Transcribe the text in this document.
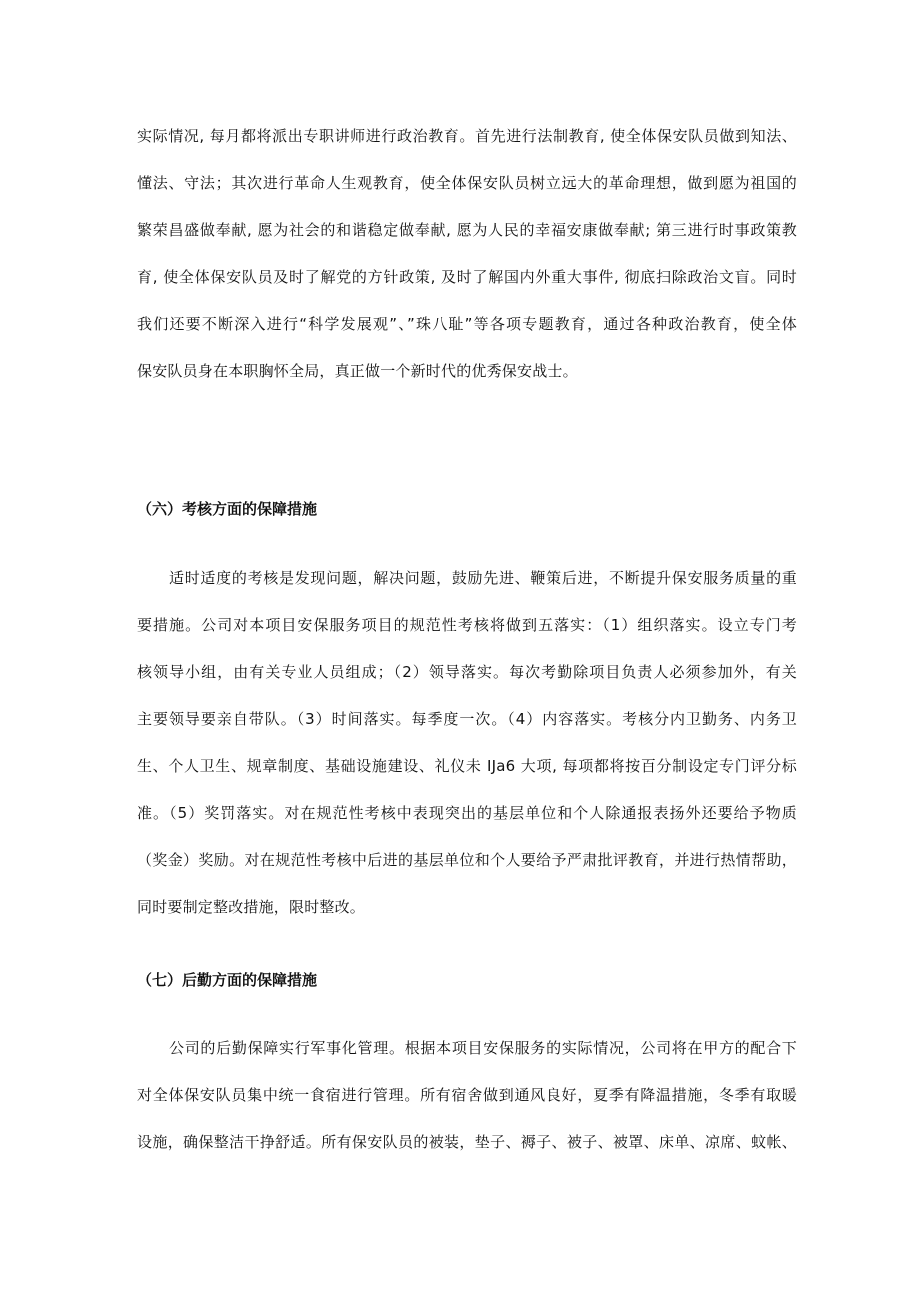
实际情况, 每月都将派出专职讲师进行政治教育。首先进行法制教育, 使全体保安队员做到知法、
懂法、守法；其次进行革命人生观教育，使全体保安队员树立远大的革命理想，做到愿为祖国的
繁荣昌盛做奉献, 愿为社会的和谐稳定做奉献, 愿为人民的幸福安康做奉献; 第三进行时事政策教
育, 使全体保安队员及时了解党的方针政策, 及时了解国内外重大事件, 彻底扫除政治文盲。同时
我们还要不断深入进行“科学发展观”、”珠八耻”等各项专题教育，通过各种政治教育，使全体
保安队员身在本职胸怀全局，真正做一个新时代的优秀保安战士。
（六）考核方面的保障措施
适时适度的考核是发现问题，解决问题，鼓励先进、鞭策后进，不断提升保安服务质量的重
要措施。公司对本项目安保服务项目的规范性考核将做到五落实：（1）组织落实。设立专门考
核领导小组，由有关专业人员组成；（2）领导落实。每次考勤除项目负责人必须参加外，有关
主要领导要亲自带队。（3）时间落实。每季度一次。（4）内容落实。考核分内卫勤务、内务卫
生、个人卫生、规章制度、基础设施建设、礼仪未 IJa6 大项, 每项都将按百分制设定专门评分标
准。（5）奖罚落实。对在规范性考核中表现突出的基层单位和个人除通报表扬外还要给予物质
（奖金）奖励。对在规范性考核中后进的基层单位和个人要给予严肃批评教育，并进行热情帮助，
同时要制定整改措施，限时整改。
（七）后勤方面的保障措施
公司的后勤保障实行军事化管理。根据本项目安保服务的实际情况，公司将在甲方的配合下
对全体保安队员集中统一食宿进行管理。所有宿舍做到通风良好，夏季有降温措施，冬季有取暖
设施，确保整洁干挣舒适。所有保安队员的被装，垫子、褥子、被子、被罩、床单、凉席、蚊帐、
